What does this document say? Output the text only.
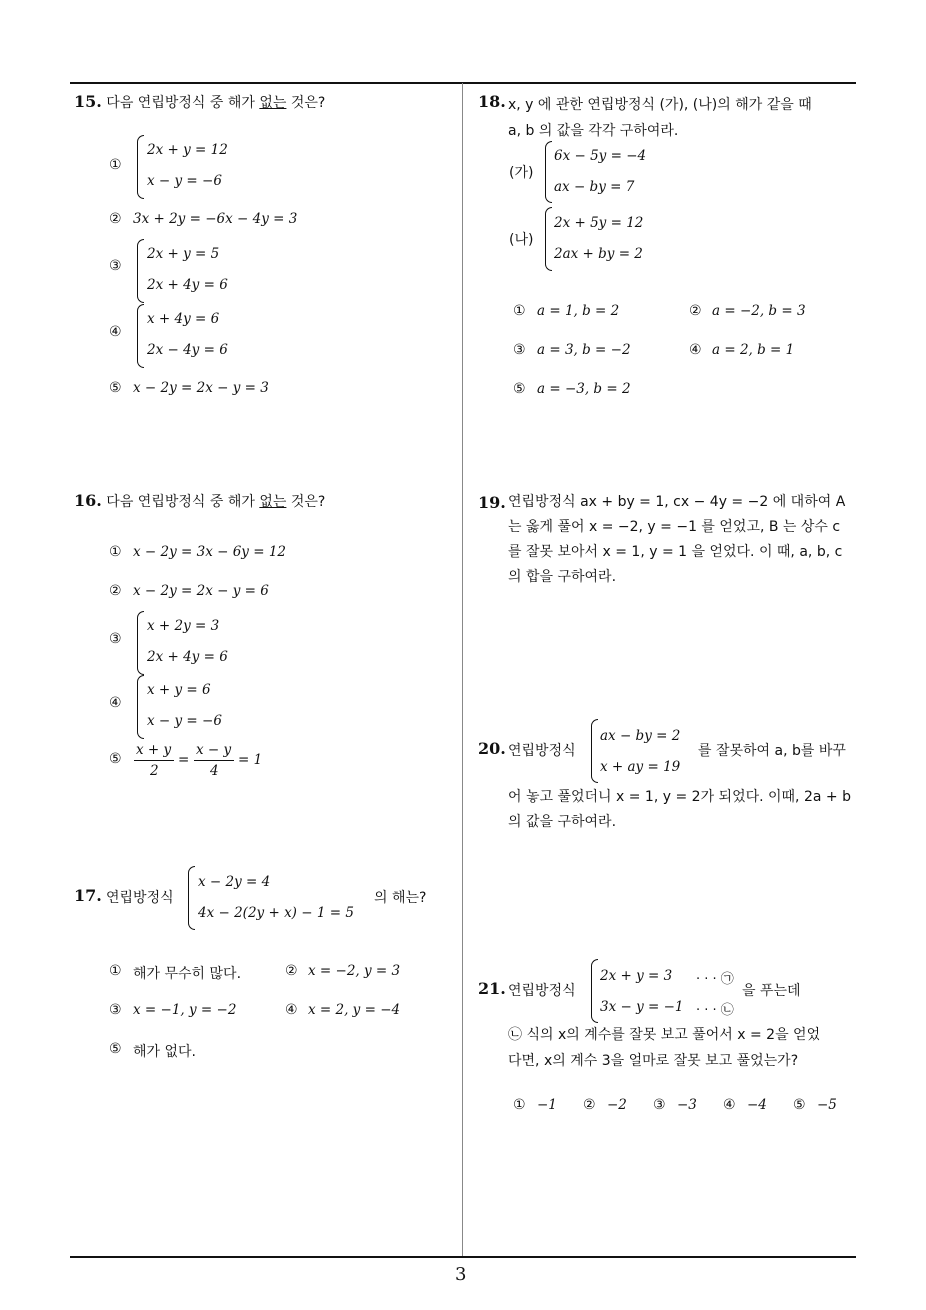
3
15. 다음 연립방정식 중 해가 없는 것은?
①
2x + y = 12
x − y = −6
② 3x + 2y = −6x − 4y = 3
③
2x + y = 5
2x + 4y = 6
④
x + 4y = 6
2x − 4y = 6
⑤ x − 2y = 2x − y = 3
16. 다음 연립방정식 중 해가 없는 것은?
① x − 2y = 3x − 6y = 12
② x − 2y = 2x − y = 6
③
x + 2y = 3
2x + 4y = 6
④
x + y = 6
x − y = −6
⑤
x + y
2
=
x − y
4
= 1
17. 연립방정식
x − 2y = 4
4x − 2(2y + x) − 1 = 5
의 해는?
① 해가 무수히 많다.	② x = −2, y = 3
③ x = −1, y = −2	④ x = 2, y = −4
⑤ 해가 없다.
18. x, y 에 관한 연립방정식 (가), (나)의 해가 같을 때
a, b 의 값을 각각 구하여라.
(가)
6x − 5y = −4
ax − by = 7
(나)
2x + 5y = 12
2ax + by = 2
① a = 1, b = 2	② a = −2, b = 3
③ a = 3, b = −2	④ a = 2, b = 1
⑤ a = −3, b = 2
19. 연립방정식 ax + by = 1, cx − 4y = −2 에 대하여 A
는 옳게 풀어 x = −2, y = −1 를 얻었고, B 는 상수 c
를 잘못 보아서 x = 1, y = 1 을 얻었다. 이 때, a, b, c
의 합을 구하여라.
20. 연립방정식
ax − by = 2
x + ay = 19
를 잘못하여 a, b를 바꾸
어 놓고 풀었더니 x = 1, y = 2가 되었다. 이때, 2a + b
의 값을 구하여라.
21. 연립방정식
2x + y = 3 · · · ㉠
3x − y = −1 · · · ㉡
을 푸는데
㉡ 식의 x의 계수를 잘못 보고 풀어서 x = 2을 얻었
다면, x의 계수 3을 얼마로 잘못 보고 풀었는가?
① −1 ② −2 ③ −3 ④ −4 ⑤ −5
